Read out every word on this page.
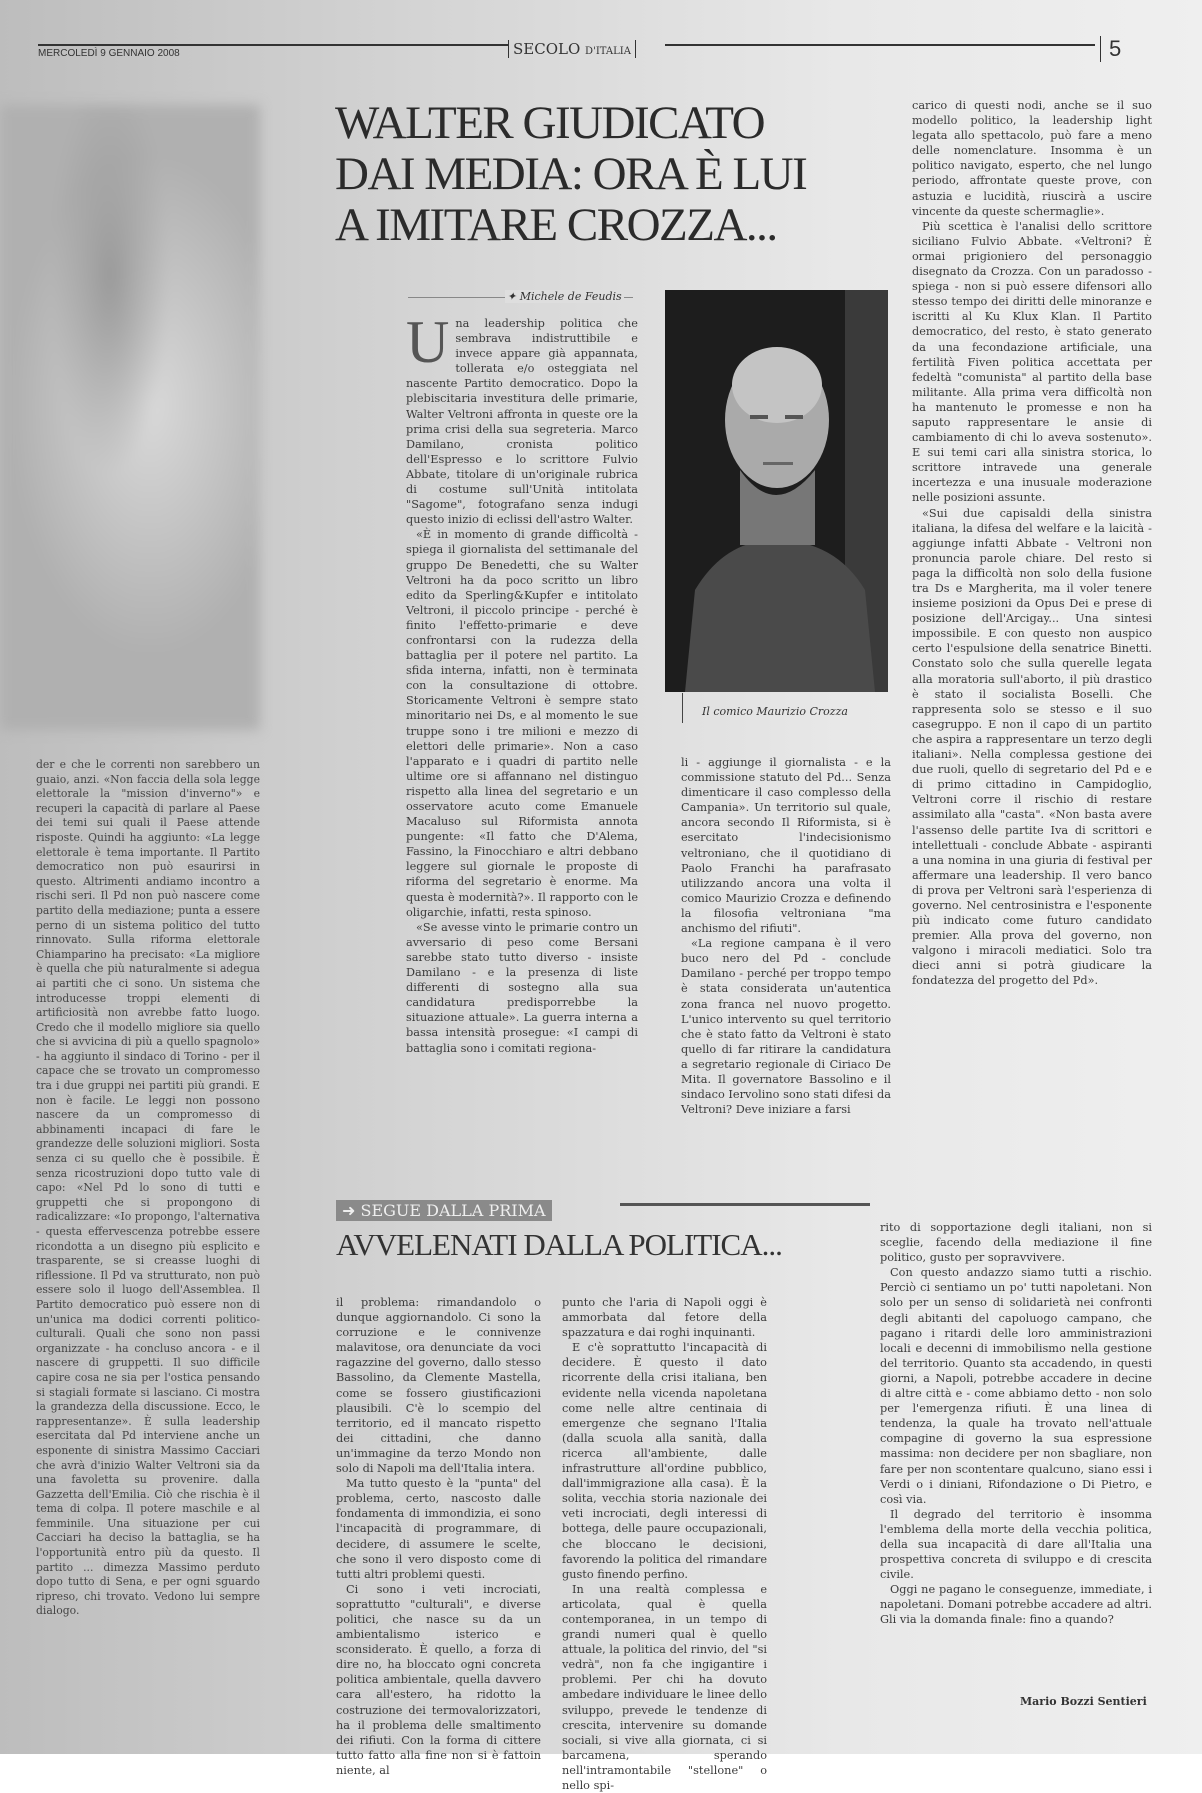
MERCOLEDÌ 9 GENNAIO 2008	SECOLO D'ITALIA	5

der e che le correnti non sarebbero un guaio, anzi. «Non faccia della sola legge elettorale la "mission d'inverno"» e recuperi la capacità di parlare al Paese dei temi sui quali il Paese attende risposte. Quindi ha aggiunto: «La legge elettorale è tema importante. Il Partito democratico non può esaurirsi in questo. Altrimenti andiamo incontro a rischi seri. Il Pd non può nascere come partito della mediazione; punta a essere perno di un sistema politico del tutto rinnovato. Sulla riforma elettorale Chiamparino ha precisato: «La migliore è quella che più naturalmente si adegua ai partiti che ci sono. Un sistema che introducesse troppi elementi di artificiosità non avrebbe fatto luogo. Credo che il modello migliore sia quello che si avvicina di più a quello spagnolo» - ha aggiunto il sindaco di Torino - per il capace che se trovato un compromesso tra i due gruppi nei partiti più grandi. E non è facile. Le leggi non possono nascere da un compromesso di abbinamenti incapaci di fare le grandezze delle soluzioni migliori. Sosta senza ci su quello che è possibile. È senza ricostruzioni dopo tutto vale di capo: «Nel Pd lo sono di tutti e gruppetti che si propongono di radicalizzare: «Io propongo, l'alternativa - questa effervescenza potrebbe essere ricondotta a un disegno più esplicito e trasparente, se si creasse luoghi di riflessione. Il Pd va strutturato, non può essere solo il luogo dell'Assemblea. Il Partito democratico può essere non di un'unica ma dodici correnti politico-culturali. Quali che sono non passi organizzate - ha concluso ancora - e il nascere di gruppetti. Il suo difficile capire cosa ne sia per l'ostica pensando si stagiali formate si lasciano. Ci mostra la grandezza della discussione. Ecco, le rappresentanze». È sulla leadership esercitata dal Pd interviene anche un esponente di sinistra Massimo Cacciari che avrà d'inizio Walter Veltroni sia da una favoletta su provenire. dalla Gazzetta dell'Emilia. Ciò che rischia è il tema di colpa. Il potere maschile e al femminile. Una situazione per cui Cacciari ha deciso la battaglia, se ha l'opportunità entro più da questo. Il partito ... dimezza Massimo perduto dopo tutto di Sena, e per ogni sguardo ripreso, chi trovato. Vedono lui sempre dialogo.

WALTER GIUDICATO DAI MEDIA: ORA È LUI A IMITARE CROZZA...
✦ Michele de Feudis

Una leadership politica che sembrava indistruttibile e invece appare già appannata, tollerata e/o osteggiata nel nascente Partito democratico. Dopo la plebiscitaria investitura delle primarie, Walter Veltroni affronta in queste ore la prima crisi della sua segreteria. Marco Damilano, cronista politico dell'Espresso e lo scrittore Fulvio Abbate, titolare di un'originale rubrica di costume sull'Unità intitolata "Sagome", fotografano senza indugi questo inizio di eclissi dell'astro Walter.

«È in momento di grande difficoltà - spiega il giornalista del settimanale del gruppo De Benedetti, che su Walter Veltroni ha da poco scritto un libro edito da Sperling&Kupfer e intitolato Veltroni, il piccolo principe - perché è finito l'effetto-primarie e deve confrontarsi con la rudezza della battaglia per il potere nel partito. La sfida interna, infatti, non è terminata con la consultazione di ottobre. Storicamente Veltroni è sempre stato minoritario nei Ds, e al momento le sue truppe sono i tre milioni e mezzo di elettori delle primarie». Non a caso l'apparato e i quadri di partito nelle ultime ore si affannano nel distinguo rispetto alla linea del segretario e un osservatore acuto come Emanuele Macaluso sul Riformista annota pungente: «Il fatto che D'Alema, Fassino, la Finocchiaro e altri debbano leggere sul giornale le proposte di riforma del segretario è enorme. Ma questa è modernità?». Il rapporto con le oligarchie, infatti, resta spinoso.

«Se avesse vinto le primarie contro un avversario di peso come Bersani sarebbe stato tutto diverso - insiste Damilano - e la presenza di liste differenti di sostegno alla sua candidatura predisporrebbe la situazione attuale». La guerra interna a bassa intensità prosegue: «I campi di battaglia sono i comitati regiona-

Il comico Maurizio Crozza

li - aggiunge il giornalista - e la commissione statuto del Pd... Senza dimenticare il caso complesso della Campania». Un territorio sul quale, ancora secondo Il Riformista, si è esercitato l'indecisionismo veltroniano, che il quotidiano di Paolo Franchi ha parafrasato utilizzando ancora una volta il comico Maurizio Crozza e definendo la filosofia veltroniana "ma anchismo del rifiuti".

«La regione campana è il vero buco nero del Pd - conclude Damilano - perché per troppo tempo è stata considerata un'autentica zona franca nel nuovo progetto. L'unico intervento su quel territorio che è stato fatto da Veltroni è stato quello di far ritirare la candidatura a segretario regionale di Ciriaco De Mita. Il governatore Bassolino e il sindaco Iervolino sono stati difesi da Veltroni? Deve iniziare a farsi

carico di questi nodi, anche se il suo modello politico, la leadership light legata allo spettacolo, può fare a meno delle nomenclature. Insomma è un politico navigato, esperto, che nel lungo periodo, affrontate queste prove, con astuzia e lucidità, riuscirà a uscire vincente da queste schermaglie».

Più scettica è l'analisi dello scrittore siciliano Fulvio Abbate. «Veltroni? È ormai prigioniero del personaggio disegnato da Crozza. Con un paradosso - spiega - non si può essere difensori allo stesso tempo dei diritti delle minoranze e iscritti al Ku Klux Klan. Il Partito democratico, del resto, è stato generato da una fecondazione artificiale, una fertilità Fiven politica accettata per fedeltà "comunista" al partito della base militante. Alla prima vera difficoltà non ha mantenuto le promesse e non ha saputo rappresentare le ansie di cambiamento di chi lo aveva sostenuto». E sui temi cari alla sinistra storica, lo scrittore intravede una generale incertezza e una inusuale moderazione nelle posizioni assunte.

«Sui due capisaldi della sinistra italiana, la difesa del welfare e la laicità - aggiunge infatti Abbate - Veltroni non pronuncia parole chiare. Del resto si paga la difficoltà non solo della fusione tra Ds e Margherita, ma il voler tenere insieme posizioni da Opus Dei e prese di posizione dell'Arcigay... Una sintesi impossibile. E con questo non auspico certo l'espulsione della senatrice Binetti. Constato solo che sulla querelle legata alla moratoria sull'aborto, il più drastico è stato il socialista Boselli. Che rappresenta solo se stesso e il suo casegruppo. E non il capo di un partito che aspira a rappresentare un terzo degli italiani». Nella complessa gestione dei due ruoli, quello di segretario del Pd e e di primo cittadino in Campidoglio, Veltroni corre il rischio di restare assimilato alla "casta". «Non basta avere l'assenso delle partite Iva di scrittori e intellettuali - conclude Abbate - aspiranti a una nomina in una giuria di festival per affermare una leadership. Il vero banco di prova per Veltroni sarà l'esperienza di governo. Nel centrosinistra e l'esponente più indicato come futuro candidato premier. Alla prova del governo, non valgono i miracoli mediatici. Solo tra dieci anni si potrà giudicare la fondatezza del progetto del Pd».

➜ SEGUE DALLA PRIMA
AVVELENATI DALLA POLITICA...

il problema: rimandandolo o dunque aggiornandolo. Ci sono la corruzione e le connivenze malavitose, ora denunciate da voci ragazzine del governo, dallo stesso Bassolino, da Clemente Mastella, come se fossero giustificazioni plausibili. C'è lo scempio del territorio, ed il mancato rispetto dei cittadini, che danno un'immagine da terzo Mondo non solo di Napoli ma dell'Italia intera.

Ma tutto questo è la "punta" del problema, certo, nascosto dalle fondamenta di immondizia, ei sono l'incapacità di programmare, di decidere, di assumere le scelte, che sono il vero disposto come di tutti altri problemi questi.

Ci sono i veti incrociati, soprattutto "culturali", e diverse politici, che nasce su da un ambientalismo isterico e sconsiderato. È quello, a forza di dire no, ha bloccato ogni concreta politica ambientale, quella davvero cara all'estero, ha ridotto la costruzione dei termovalorizzatori, ha il problema delle smaltimento dei rifiuti. Con la forma di cittere tutto fatto alla fine non si è fattoin niente, al

punto che l'aria di Napoli oggi è ammorbata dal fetore della spazzatura e dai roghi inquinanti.

E c'è soprattutto l'incapacità di decidere. È questo il dato ricorrente della crisi italiana, ben evidente nella vicenda napoletana come nelle altre centinaia di emergenze che segnano l'Italia (dalla scuola alla sanità, dalla ricerca all'ambiente, dalle infrastrutture all'ordine pubblico, dall'immigrazione alla casa). È la solita, vecchia storia nazionale dei veti incrociati, degli interessi di bottega, delle paure occupazionali, che bloccano le decisioni, favorendo la politica del rimandare gusto finendo perfino.

In una realtà complessa e articolata, qual è quella contemporanea, in un tempo di grandi numeri qual è quello attuale, la politica del rinvio, del "si vedrà", non fa che ingigantire i problemi. Per chi ha dovuto ambedare individuare le linee dello sviluppo, prevede le tendenze di crescita, intervenire su domande sociali, si vive alla giornata, ci si barcamena, sperando nell'intramontabile "stellone" o nello spi-

rito di sopportazione degli italiani, non si sceglie, facendo della mediazione il fine politico, gusto per sopravvivere.

Con questo andazzo siamo tutti a rischio. Perciò ci sentiamo un po' tutti napoletani. Non solo per un senso di solidarietà nei confronti degli abitanti del capoluogo campano, che pagano i ritardi delle loro amministrazioni locali e decenni di immobilismo nella gestione del territorio. Quanto sta accadendo, in questi giorni, a Napoli, potrebbe accadere in decine di altre città e - come abbiamo detto - non solo per l'emergenza rifiuti. È una linea di tendenza, la quale ha trovato nell'attuale compagine di governo la sua espressione massima: non decidere per non sbagliare, non fare per non scontentare qualcuno, siano essi i Verdi o i diniani, Rifondazione o Di Pietro, e così via.

Il degrado del territorio è insomma l'emblema della morte della vecchia politica, della sua incapacità di dare all'Italia una prospettiva concreta di sviluppo e di crescita civile.

Oggi ne pagano le conseguenze, immediate, i napoletani. Domani potrebbe accadere ad altri. Gli via la domanda finale: fino a quando?

Mario Bozzi Sentieri
